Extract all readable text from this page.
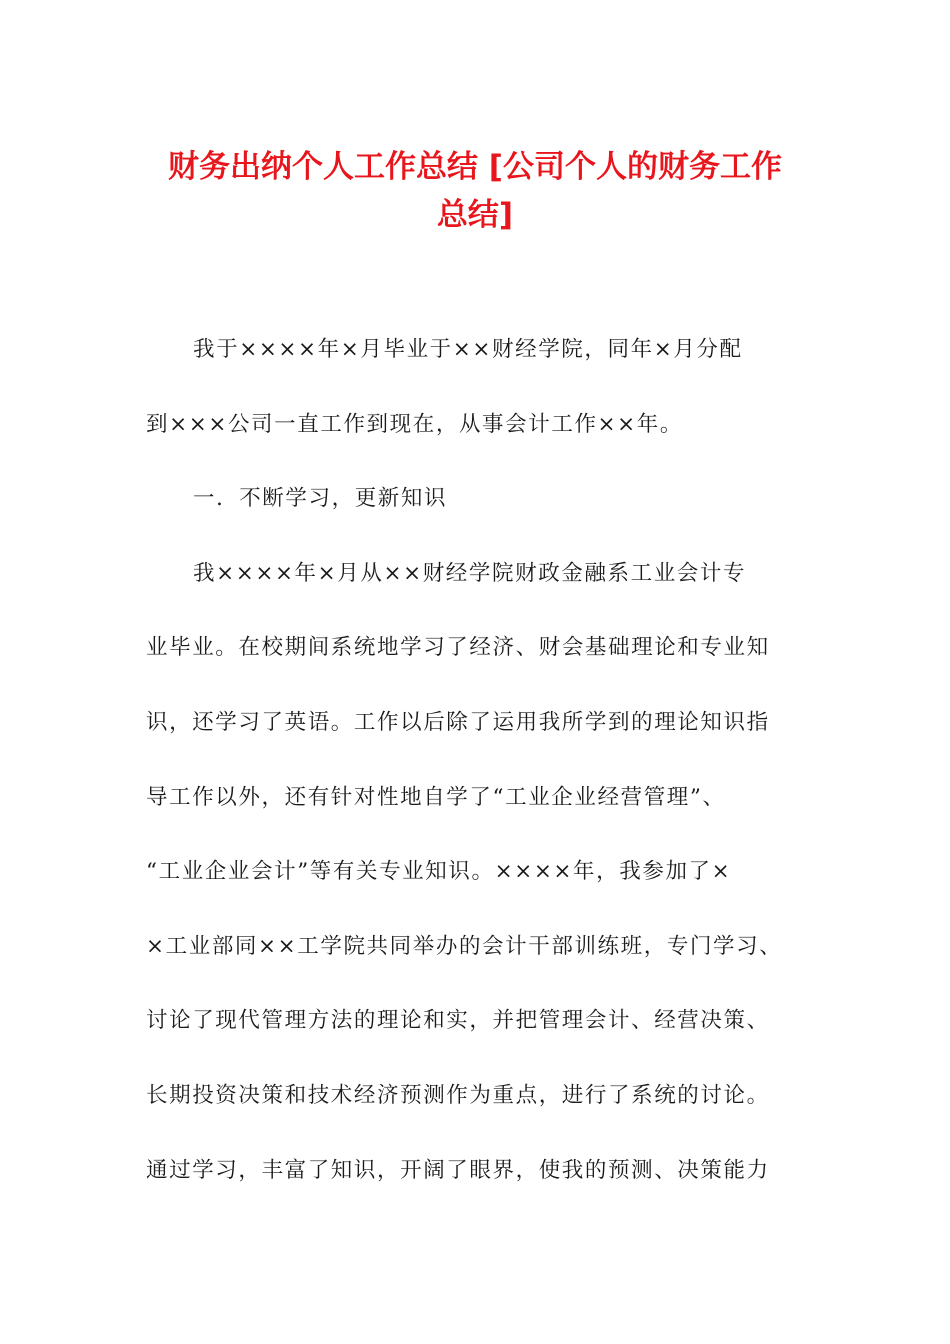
财务出纳个人工作总结 [公司个人的财务工作
总结]
我于××××年×月毕业于××财经学院，同年×月分配
到×××公司一直工作到现在，从事会计工作××年。
一．不断学习，更新知识
我××××年×月从××财经学院财政金融系工业会计专
业毕业。在校期间系统地学习了经济、财会基础理论和专业知
识，还学习了英语。工作以后除了运用我所学到的理论知识指
导工作以外，还有针对性地自学了“工业企业经营管理”、
“工业企业会计”等有关专业知识。××××年，我参加了×
×工业部同××工学院共同举办的会计干部训练班，专门学习、
讨论了现代管理方法的理论和实，并把管理会计、经营决策、
长期投资决策和技术经济预测作为重点，进行了系统的讨论。
通过学习，丰富了知识，开阔了眼界，使我的预测、决策能力
